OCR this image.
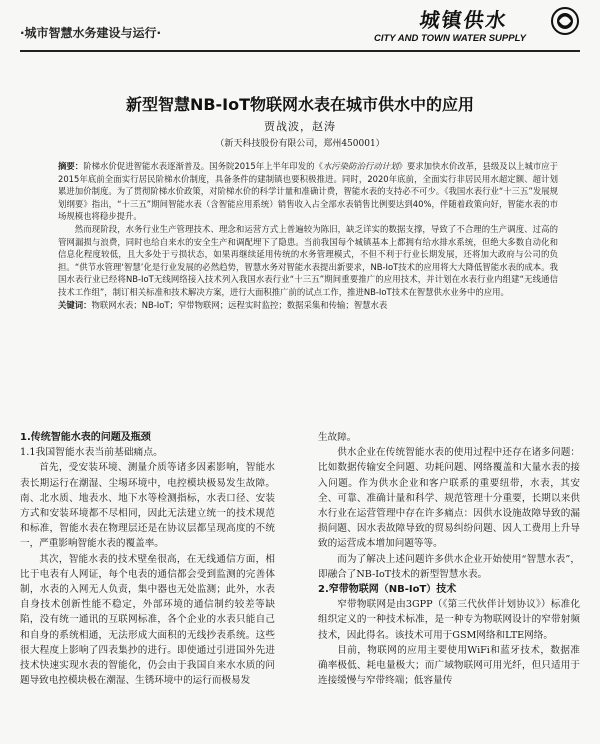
·城市智慧水务建设与运行·
城镇供水
CITY AND TOWN WATER SUPPLY
新型智慧NB-IoT物联网水表在城市供水中的应用
贾战波，赵涛
（新天科技股份有限公司，郑州450001）

摘要：阶梯水价促进智能水表逐渐普及。国务院2015年上半年印发的《水污染防治行动计划》要求加快水价改革，县级及以上城市应于2015年底前全面实行居民阶梯水价制度，具备条件的建制镇也要积极推进。同时，2020年底前，全面实行非居民用水超定额、超计划累进加价制度。为了贯彻阶梯水价政策，对阶梯水价的科学计量和准确计费，智能水表的支持必不可少。《我国水表行业“十三五”发展规划纲要》指出，“十三五”期间智能水表（含智能应用系统）销售收入占全部水表销售比例要达到40%，伴随着政策向好，智能水表的市场规模也将稳步提升。

然而现阶段，水务行业生产管理技术、理念和运营方式上普遍较为陈旧，缺乏详实的数据支撑，导致了不合理的生产调度、过高的管网漏损与浪费，同时也给自来水的安全生产和调配埋下了隐患。当前我国每个城镇基本上都拥有给水排水系统，但绝大多数自动化和信息化程度较低，且大多处于亏损状态，如果再继续延用传统的水务管理模式，不但不利于行业长期发展，还将加大政府与公司的负担。“供节水管理‘智慧’化是行业发展的必然趋势，智慧水务对智能水表提出新要求，NB-IoT技术的应用将大大降低智能水表的成本。我国水表行业已经将NB-IoT无线网络接入技术列入我国水表行业“十三五”期间重要推广的应用技术，并计划在水表行业内组建“无线通信技术工作组”，制订相关标准和技术解决方案，进行大面积推广前的试点工作，推进NB-IoT技术在智慧供水业务中的应用。

关键词：物联网水表；NB-IoT；窄带物联网；远程实时监控；数据采集和传输；智慧水表

1.传统智能水表的问题及瓶颈
1.1我国智能水表当前基础痛点。

首先，受安装环境、测量介质等诸多因素影响，智能水表长期运行在潮湿、尘埸环境中，电控模块极易发生故障。南、北水质、地表水、地下水等检测指标，水表口径、安装方式和安装环境都不尽相同，因此无法建立统一的技术规范和标准，智能水表在物理层还是在协议层都呈现高度的不统一，严重影响智能水表的覆盖率。

其次，智能水表的技术壁垒很高，在无线通信方面，相比于电表有人网证，每个电表的通信都会受到监测的完善体制，水表的入网无人负责，集中器也无处监测；此外，水表自身技术创新性能不稳定，外部环境的通信制约较差等缺陷，没有统一通讯的互联网标准，各个企业的水表只能自己和自身的系统相通，无法形成大面积的无线抄表系统。这些很大程度上影响了四表集抄的进行。即使通过引进国外先进技术快速实现水表的智能化，仍会由于我国自来水水质的问题导致电控模块极在潮湿、生锈环境中的运行而极易发

生故障。

供水企业在传统智能水表的使用过程中还存在诸多问题：比如数据传输安全问题、功耗问题、网络覆盖和大量水表的接入问题。作为供水企业和客户联系的重要纽带，水表，其安全、可靠、准确计量和科学、规范管理十分重要，长期以来供水行业在运营管理中存在许多痛点：因供水设施故障导致的漏损问题、因水表故障导致的贸易纠纷问题、因人工费用上升导致的运营成本增加问题等等。

而为了解决上述问题许多供水企业开始使用“智慧水表”，即融合了NB-IoT技术的新型智慧水表。

2.窄带物联网（NB-IoT）技术

窄带物联网是由3GPP（《第三代伙伴计划协议》）标准化组织定义的一种技术标准，是一种专为物联网设计的窄带射频技术，因此得名。该技术可用于GSM网络和LTE网络。

目前，物联网的应用主要使用WiFi和蓝牙技术，数据准确率极低、耗电量极大；而广域物联网可用光纤，但只适用于连接缓慢与窄带终端；低容量传
